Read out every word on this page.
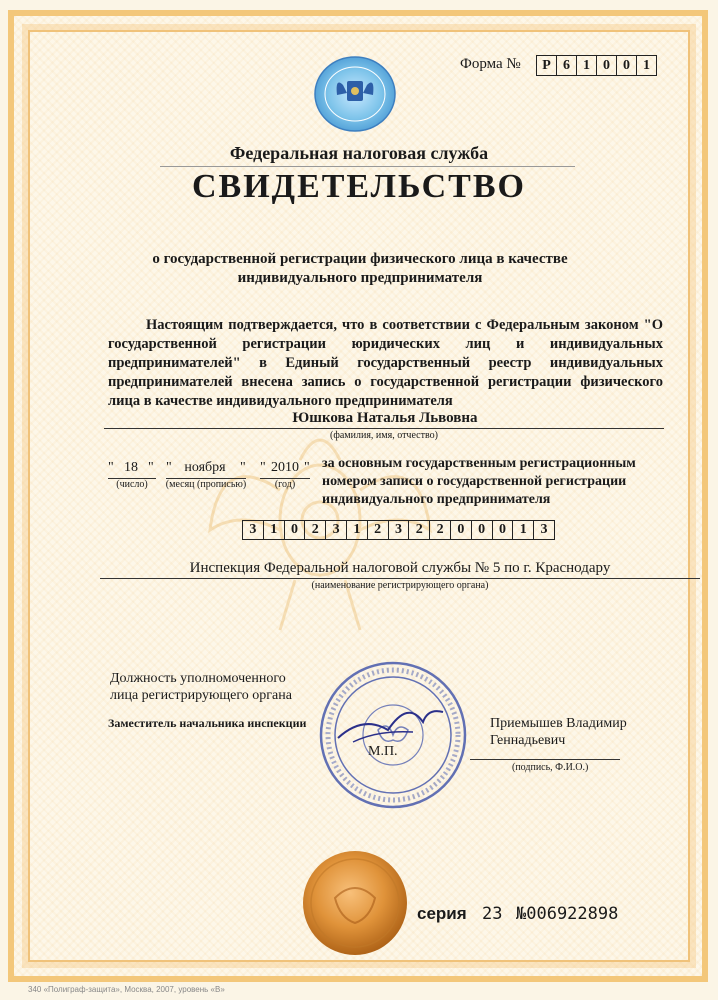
Форма №	Р 6 1 0 0 1
Федеральная налоговая служба
СВИДЕТЕЛЬСТВО
о государственной регистрации физического лица в качестве
индивидуального предпринимателя
Настоящим подтверждается, что в соответствии с Федеральным законом "О государственной регистрации юридических лиц и индивидуальных предпринимателей" в Единый государственный реестр индивидуальных предпринимателей внесена запись о государственной регистрации физического лица в качестве индивидуального предпринимателя
Юшкова Наталья Львовна
(фамилия, имя, отчество)
" 18 "
(число)
" ноября	"
(месяц (прописью)
" 2010 "
(год)
за основным государственным регистрационным
номером записи о государственной регистрации
индивидуального предпринимателя
3 1 0 2 3 1 2 3 2 2 0 0 0 1 3
Инспекция Федеральной налоговой службы № 5 по г. Краснодару
(наименование регистрирующего органа)
Должность уполномоченного
лица регистрирующего органа
Заместитель начальника инспекции
М.П.
Приемышев Владимир
Геннадьевич
(подпись, Ф.И.О.)
серия 23 №006922898
340 «Полиграф-защита», Москва, 2007, уровень «В»
